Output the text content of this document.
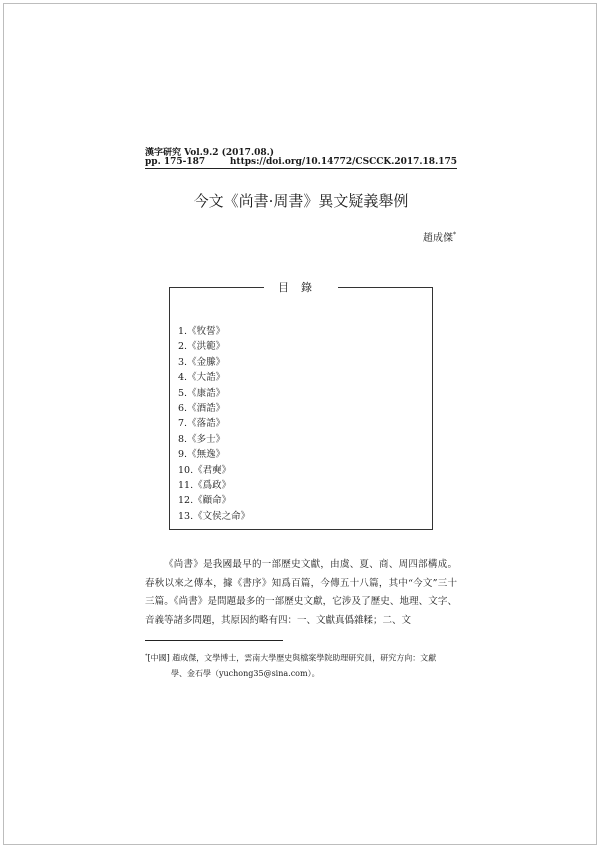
漢字研究 Vol.9.2 (2017.08.)
pp. 175-187	https://doi.org/10.14772/CSCCK.2017.18.175
今文《尚書·周書》異文疑義舉例
趙成傑*
目錄
1.《牧誓》
2.《洪範》
3.《金縢》
4.《大誥》
5.《康誥》
6.《酒誥》
7.《落誥》
8.《多士》
9.《無逸》
10.《君奭》
11.《爲政》
12.《顧命》
13.《文侯之命》

《尚書》是我國最早的一部歷史文獻，由虞、夏、商、周四部構成。春秋以來之傳本，據《書序》知爲百篇，今傳五十八篇，其中“今文”三十三篇。《尚書》是問題最多的一部歷史文獻，它涉及了歷史、地理、文字、音義等諸多問題，其原因約略有四：一、文獻真僞雜糅；二、文

*[中國] 趙成傑，文學博士，雲南大學歷史與檔案學院助理研究員，研究方向：文獻
學、金石學（yuchong35@sina.com）。
